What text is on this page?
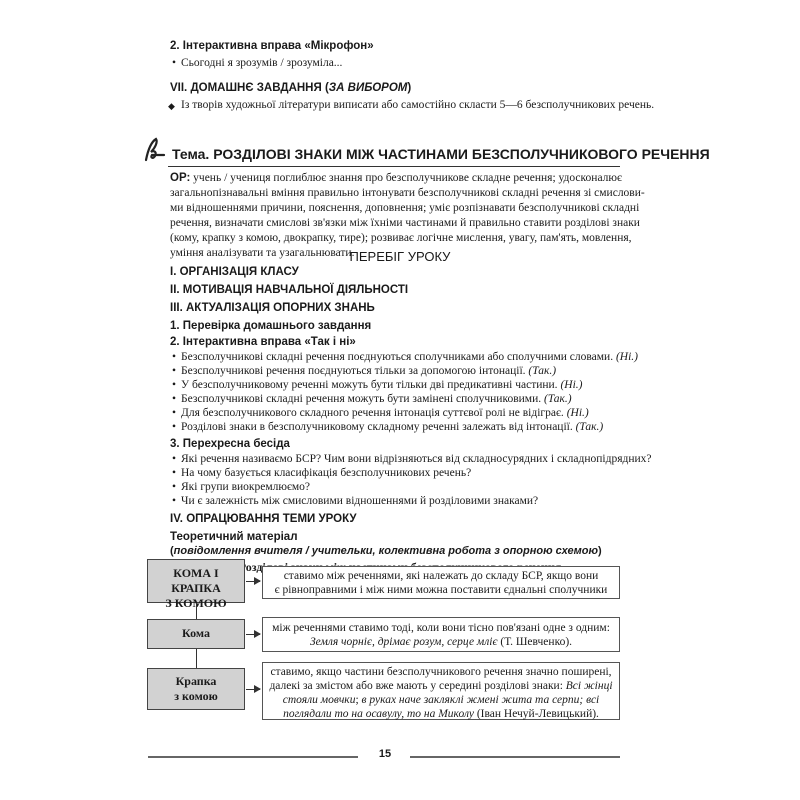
2. Інтерактивна вправа «Мікрофон»
• Сьогодні я зрозумів / зрозуміла...
VII. ДОМАШНЄ ЗАВДАННЯ (ЗА ВИБОРОМ)
◆ Із творів художньої літератури виписати або самостійно скласти 5—6 безсполучникових речень.
Тема. РОЗДІЛОВІ ЗНАКИ МІЖ ЧАСТИНАМИ БЕЗСПОЛУЧНИКОВОГО РЕЧЕННЯ
ОР: учень / учениця поглиблює знання про безсполучникове складне речення; удосконалює
загальнопізнавальні вміння правильно інтонувати безсполучникові складні речення зі смислови-
ми відношеннями причини, пояснення, доповнення; уміє розпізнавати безсполучникові складні
речення, визначати смислові зв'язки між їхніми частинами й правильно ставити розділові знаки
(кому, крапку з комою, двокрапку, тире); розвиває логічне мислення, увагу, пам'ять, мовлення,
уміння аналізувати та узагальнювати.
ПЕРЕБІГ УРОКУ
I. ОРГАНІЗАЦІЯ КЛАСУ
II. МОТИВАЦІЯ НАВЧАЛЬНОЇ ДІЯЛЬНОСТІ
III. АКТУАЛІЗАЦІЯ ОПОРНИХ ЗНАНЬ
1. Перевірка домашнього завдання
2. Інтерактивна вправа «Так і ні»
• Безсполучникові складні речення поєднуються сполучниками або сполучними словами. (Ні.)
• Безсполучникові речення поєднуються тільки за допомогою інтонації. (Так.)
• У безсполучниковому реченні можуть бути тільки дві предикативні частини. (Ні.)
• Безсполучникові складні речення можуть бути замінені сполучниковими. (Так.)
• Для безсполучникового складного речення інтонація суттєвої ролі не відіграє. (Ні.)
• Розділові знаки в безсполучниковому складному реченні залежать від інтонації. (Так.)
3. Перехресна бесіда
• Які речення називаємо БСР? Чим вони відрізняються від складносурядних і складнопідрядних?
• На чому базується класифікація безсполучникових речень?
• Які групи виокремлюємо?
• Чи є залежність між смисловими відношеннями й розділовими знаками?
IV. ОПРАЦЮВАННЯ ТЕМИ УРОКУ
Теоретичний матеріал
(повідомлення вчителя / учительки, колективна робота з опорною схемою)
КОМА І КРАПКА
З КОМОЮ
ставимо між реченнями, які належать до складу БСР, якщо вони
є рівноправними і між ними можна поставити єднальні сполучники
Кома	між реченнями ставимо тоді, коли вони тісно пов'язані одне з одним:
Земля чорніє, дрімає розум, серце мліє (Т. Шевченко).
Крапка
з комою
ставимо, якщо частини безсполучникового речення значно поширені,
далекі за змістом або вже мають у середині розділові знаки: Всі жінці
стояли мовчки; в руках наче закляклі жмені жита та серпи; всі
поглядали то на осавулу, то на Миколу (Іван Нечуй-Левицький).
15
